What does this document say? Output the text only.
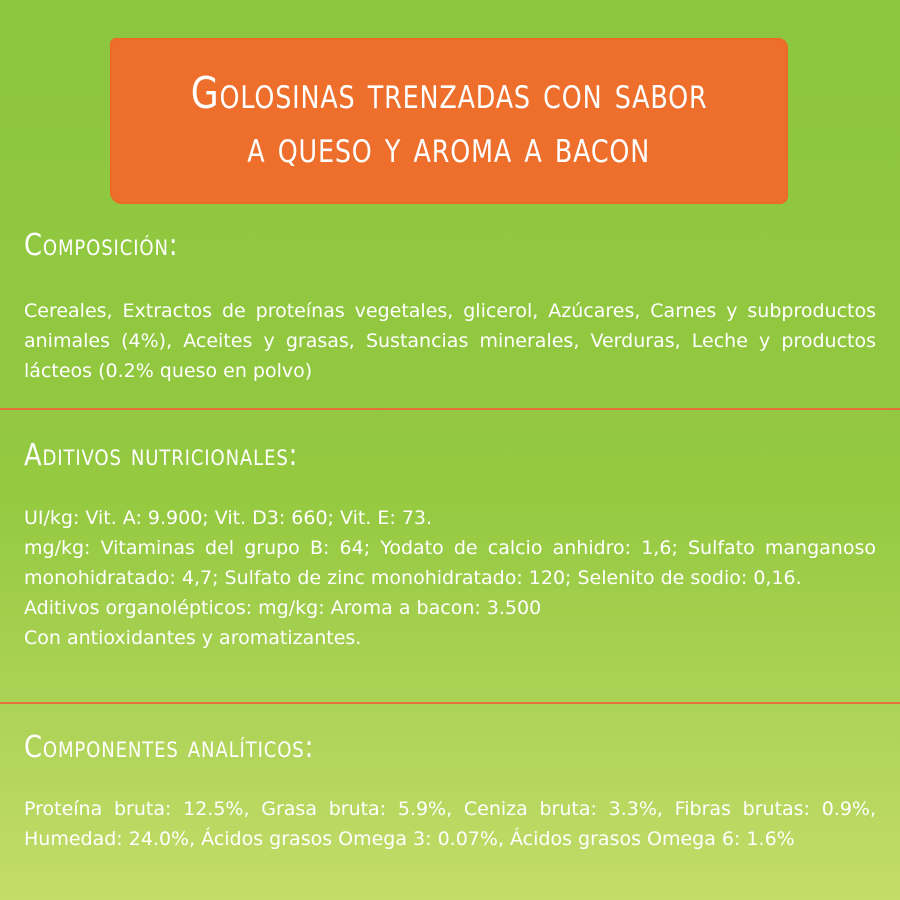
Golosinas trenzadas con sabor
a queso y aroma a bacon
Composición:

Cereales, Extractos de proteínas vegetales, glicerol, Azúcares, Carnes y subproductos animales (4%), Aceites y grasas, Sustancias minerales, Verduras, Leche y productos lácteos (0.2% queso en polvo)

Aditivos nutricionales:

UI/kg: Vit. A: 9.900; Vit. D3: 660; Vit. E: 73.

mg/kg: Vitaminas del grupo B: 64; Yodato de calcio anhidro: 1,6; Sulfato manganoso monohidratado: 4,7; Sulfato de zinc monohidratado: 120; Selenito de sodio: 0,16.

Aditivos organolépticos: mg/kg: Aroma a bacon: 3.500

Con antioxidantes y aromatizantes.

Componentes analíticos:

Proteína bruta: 12.5%, Grasa bruta: 5.9%, Ceniza bruta: 3.3%, Fibras brutas: 0.9%, Humedad: 24.0%, Ácidos grasos Omega 3: 0.07%, Ácidos grasos Omega 6: 1.6%
